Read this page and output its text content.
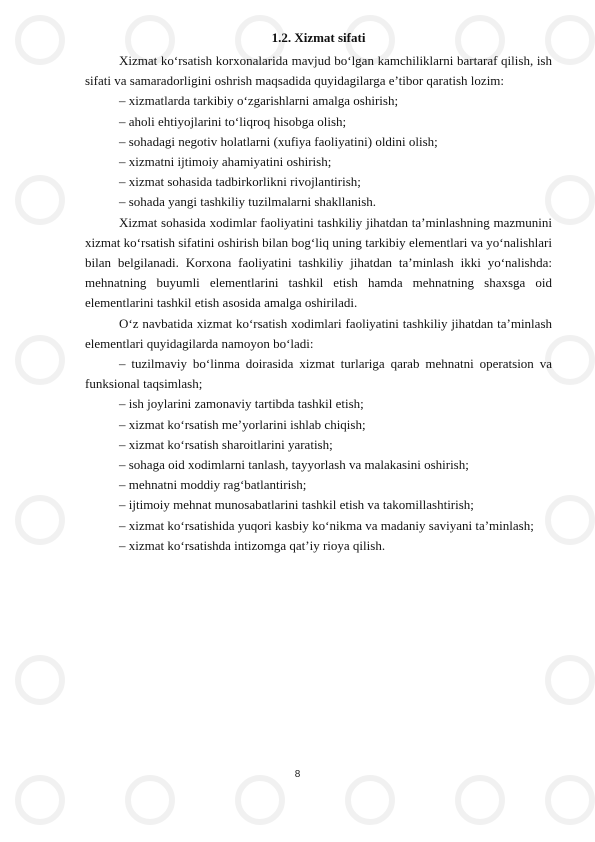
1.2. Xizmat sifati

Xizmat ko‘rsatish korxonalarida mavjud bo‘lgan kamchiliklarni bartaraf qilish, ish sifati va samaradorligini oshrish maqsadida quyidagilarga e’tibor qaratish lozim:

– xizmatlarda tarkibiy o‘zgarishlarni amalga oshirish;

– aholi ehtiyojlarini to‘liqroq hisobga olish;

– sohadagi negotiv holatlarni (xufiya faoliyatini) oldini olish;

– xizmatni ijtimoiy ahamiyatini oshirish;

– xizmat sohasida tadbirkorlikni rivojlantirish;

– sohada yangi tashkiliy tuzilmalarni shakllanish.

Xizmat sohasida xodimlar faoliyatini tashkiliy jihatdan ta’minlashning mazmunini xizmat ko‘rsatish sifatini oshirish bilan bog‘liq uning tarkibiy elementlari va yo‘nalishlari bilan belgilanadi. Korxona faoliyatini tashkiliy jihatdan ta’minlash ikki yo‘nalishda: mehnatning buyumli elementlarini tashkil etish hamda mehnatning shaxsga oid elementlarini tashkil etish asosida amalga oshiriladi.

O‘z navbatida xizmat ko‘rsatish xodimlari faoliyatini tashkiliy jihatdan ta’minlash elementlari quyidagilarda namoyon bo‘ladi:

– tuzilmaviy bo‘linma doirasida xizmat turlariga qarab mehnatni operatsion va funksional taqsimlash;

– ish joylarini zamonaviy tartibda tashkil etish;

– xizmat ko‘rsatish me’yorlarini ishlab chiqish;

– xizmat ko‘rsatish sharoitlarini yaratish;

– sohaga oid xodimlarni tanlash, tayyorlash va malakasini oshirish;

– mehnatni moddiy rag‘batlantirish;

– ijtimoiy mehnat munosabatlarini tashkil etish va takomillashtirish;

– xizmat ko‘rsatishida yuqori kasbiy ko‘nikma va madaniy saviyani ta’minlash;

– xizmat ko‘rsatishda intizomga qat’iy rioya qilish.

8
